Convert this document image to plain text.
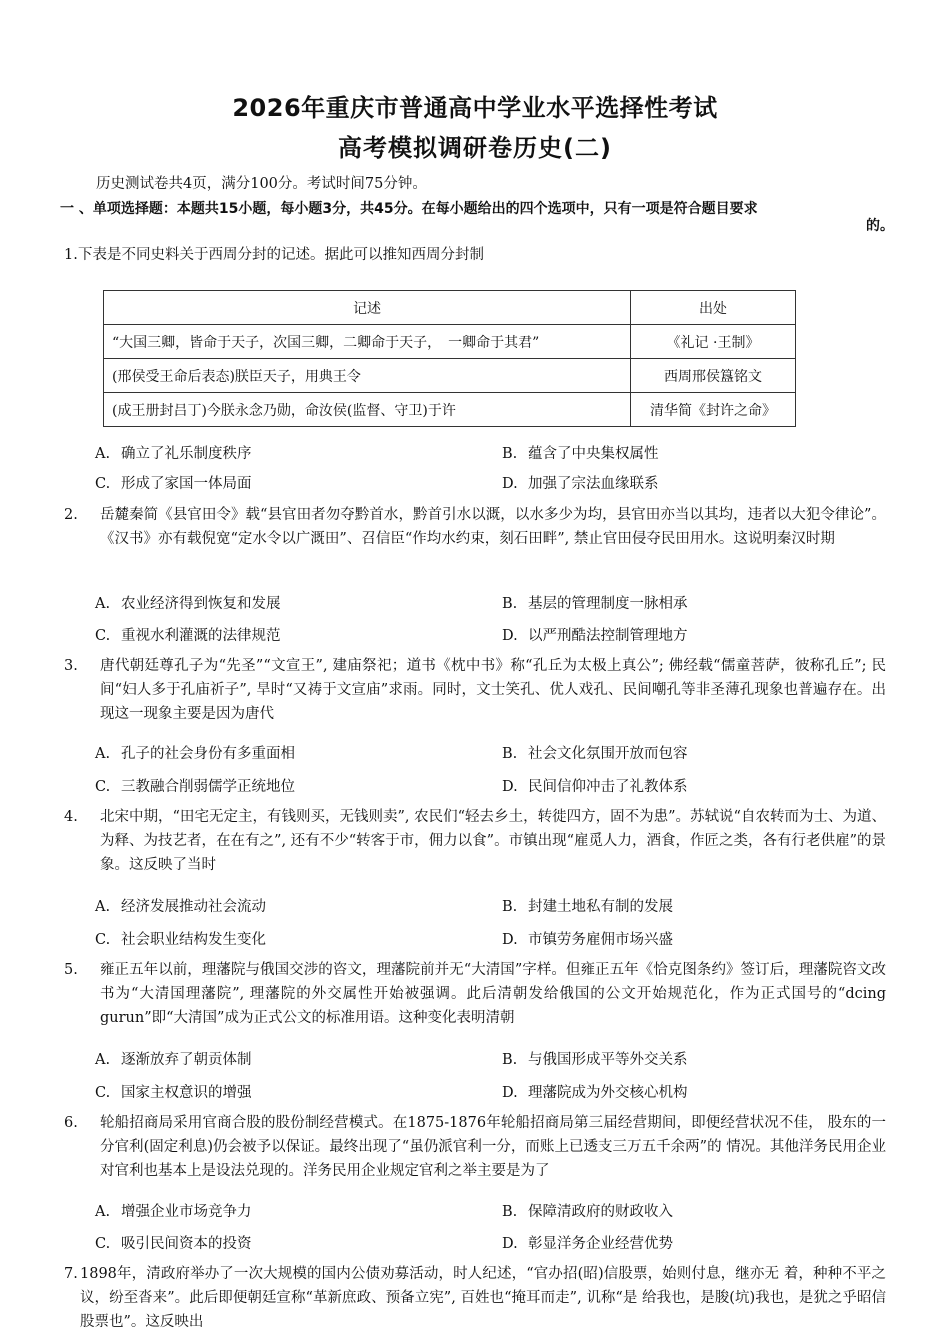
2026年重庆市普通高中学业水平选择性考试
高考模拟调研卷历史(二)
历史测试卷共4页，满分100分。考试时间75分钟。
一 、单项选择题：本题共15小题，每小题3分，共45分。在每小题给出的四个选项中，只有一项是符合题目要求
的。
1. 下表是不同史料关于西周分封的记述。据此可以推知西周分封制
记述	出处
“大国三卿，皆命于天子，次国三卿，二卿命于天子，　一卿命于其君”	《礼记 ·王制》
(邢侯受王命后表态)朕臣天子，用典王令	西周邢侯簋铭文
(成王册封吕丁)今朕永念乃勋，命汝侯(监督、守卫)于许	清华简《封许之命》
A. 确立了礼乐制度秩序	B. 蕴含了中央集权属性
C. 形成了家国一体局面	D. 加强了宗法血缘联系
2. 岳麓秦简《县官田令》载“县官田者勿夺黔首水，黔首引水以溉，以水多少为均，县官田亦当以其均，违者以大犯令律论”。《汉书》亦有载倪宽“定水令以广溉田”、召信臣“作均水约束，刻石田畔”, 禁止官田侵夺民田用水。这说明秦汉时期
A. 农业经济得到恢复和发展	B. 基层的管理制度一脉相承
C. 重视水利灌溉的法律规范	D. 以严刑酷法控制管理地方
3. 唐代朝廷尊孔子为“先圣”“文宣王”, 建庙祭祀；道书《枕中书》称“孔丘为太极上真公”; 佛经载“儒童菩萨，彼称孔丘”; 民间“妇人多于孔庙祈子”, 旱时“又祷于文宣庙”求雨。同时，文士笑孔、优人戏孔、民间嘲孔等非圣薄孔现象也普遍存在。出现这一现象主要是因为唐代
A. 孔子的社会身份有多重面相	B. 社会文化氛围开放而包容
C. 三教融合削弱儒学正统地位	D. 民间信仰冲击了礼教体系
4. 北宋中期，“田宅无定主，有钱则买，无钱则卖”, 农民们“轻去乡土，转徙四方，固不为患”。苏轼说“自农转而为士、为道、为释、为技艺者，在在有之”, 还有不少“转客于市，佣力以食”。市镇出现“雇觅人力，酒食，作匠之类，各有行老供雇”的景象。这反映了当时
A. 经济发展推动社会流动	B. 封建土地私有制的发展
C. 社会职业结构发生变化	D. 市镇劳务雇佣市场兴盛
5. 雍正五年以前，理藩院与俄国交涉的咨文，理藩院前并无“大清国”字样。但雍正五年《恰克图条约》签订后，理藩院咨文改书为“大清国理藩院”, 理藩院的外交属性开始被强调。此后清朝发给俄国的公文开始规范化，作为正式国号的“dcing　 gurun”即“大清国”成为正式公文的标准用语。这种变化表明清朝
A. 逐渐放弃了朝贡体制	B. 与俄国形成平等外交关系
C. 国家主权意识的增强	D. 理藩院成为外交核心机构
6. 轮船招商局采用官商合股的股份制经营模式。在1875-1876年轮船招商局第三届经营期间，即便经营状况不佳， 股东的一分官利(固定利息)仍会被予以保证。最终出现了“虽仍派官利一分，而账上已透支三万五千余两”的 情况。其他洋务民用企业对官利也基本上是设法兑现的。洋务民用企业规定官利之举主要是为了
A. 增强企业市场竞争力	B. 保障清政府的财政收入
C. 吸引民间资本的投资	D. 彰显洋务企业经营优势
7. 1898年，清政府举办了一次大规模的国内公债劝募活动，时人纪述，“官办招(昭)信股票，始则付息，继亦无 着，种种不平之议，纷至沓来”。此后即便朝廷宣称“革新庶政、预备立宪”, 百姓也“掩耳而走”, 讥称“是 给我也，是朘(坑)我也，是犹之乎昭信股票也”。这反映出
